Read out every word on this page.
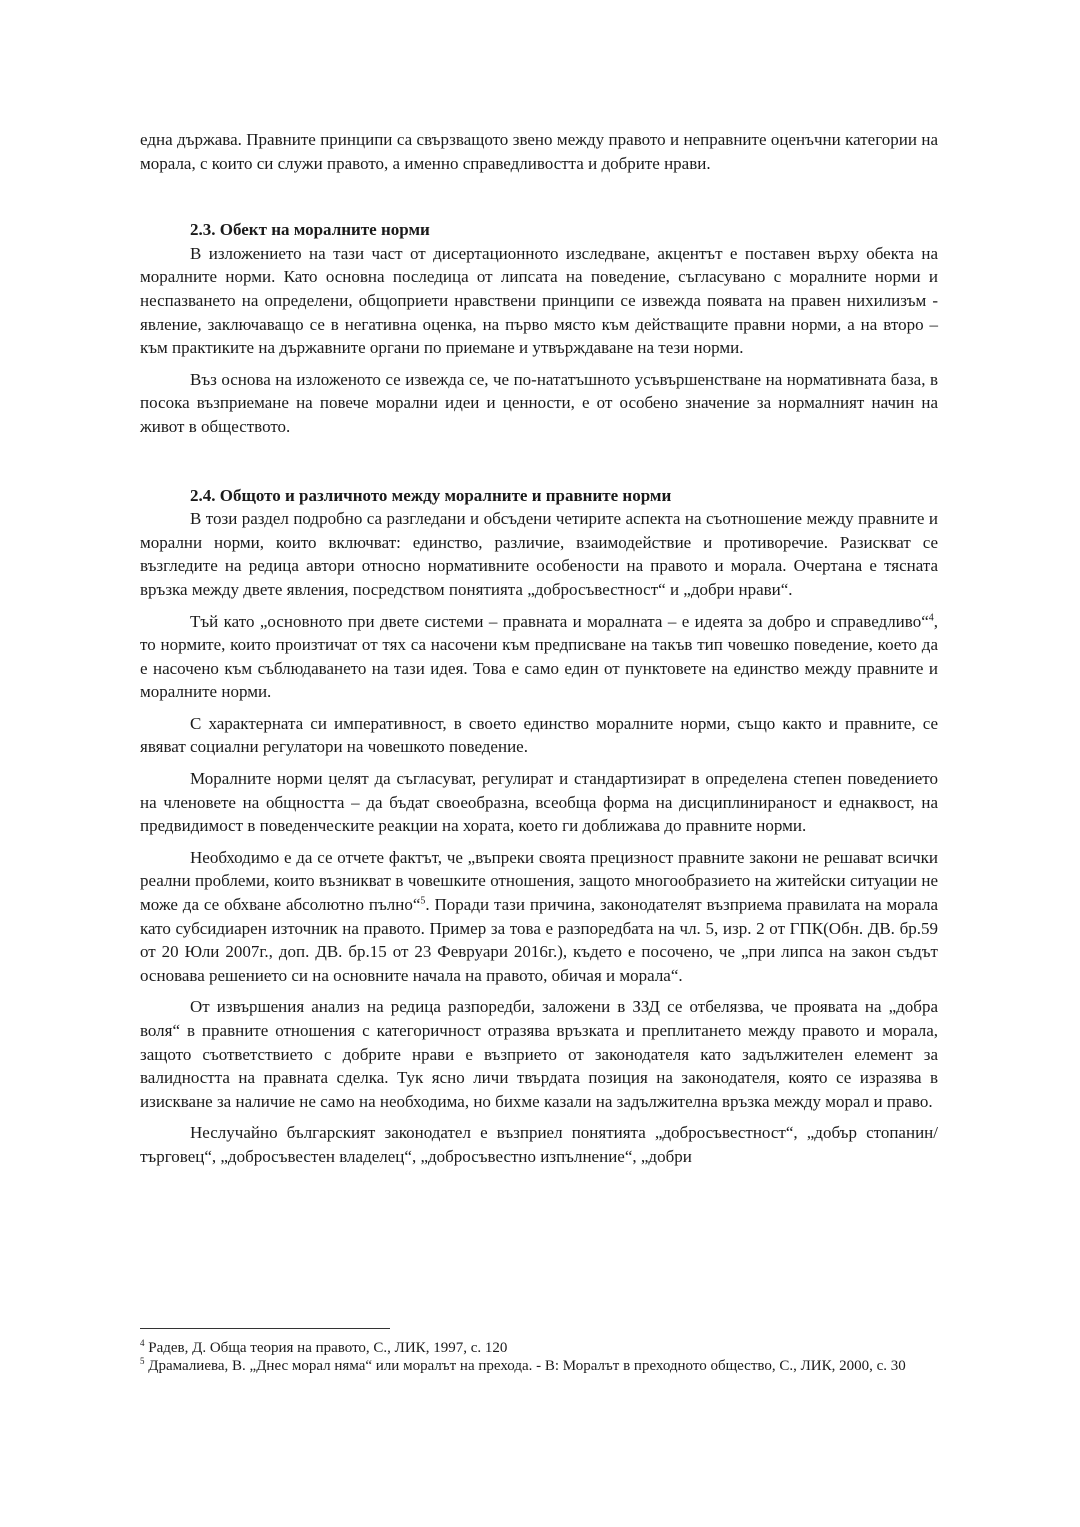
една държава. Правните принципи са свързващото звено между правото и неправните оценъчни категории на морала, с които си служи правото, а именно справедливостта и добрите нрави.

2.3. Обект на моралните норми

В изложението на тази част от дисертационното изследване, акцентът е поставен върху обекта на моралните норми. Като основна последица от липсата на поведение, съгласувано с моралните норми и неспазването на определени, общоприети нравствени принципи се извежда появата на правен нихилизъм - явление, заключаващо се в негативна оценка, на първо място към действащите правни норми, а на второ – към практиките на държавните органи по приемане и утвърждаване на тези норми.

Въз основа на изложеното се извежда се, че по-нататъшното усъвършенстване на нормативната база, в посока възприемане на повече морални идеи и ценности, е от особено значение за нормалният начин на живот в обществото.

2.4. Общото и различното между моралните и правните норми

В този раздел подробно са разгледани и обсъдени четирите аспекта на съотношение между правните и морални норми, които включват: единство, различие, взаимодействие и противоречие. Разискват се възгледите на редица автори относно нормативните особености на правото и морала. Очертана е тясната връзка между двете явления, посредством понятията „добросъвестност“ и „добри нрави“.

Тъй като „основното при двете системи – правната и моралната – е идеята за добро и справедливо“$^4$, то нормите, които произтичат от тях са насочени към предписване на такъв тип човешко поведение, което да е насочено към съблюдаването на тази идея. Това е само един от пунктовете на единство между правните и моралните норми.

С характерната си императивност, в своето единство моралните норми, също както и правните, се явяват социални регулатори на човешкото поведение.

Моралните норми целят да съгласуват, регулират и стандартизират в определена степен поведението на членовете на общността – да бъдат своеобразна, всеобща форма на дисциплинираност и еднаквост, на предвидимост в поведенческите реакции на хората, което ги доближава до правните норми.

Необходимо е да се отчете фактът, че „въпреки своята прецизност правните закони не решават всички реални проблеми, които възникват в човешките отношения, защото многообразието на житейски ситуации не може да се обхване абсолютно пълно“$^5$. Поради тази причина, законодателят възприема правилата на морала като субсидиарен източник на правото. Пример за това е разпоредбата на чл. 5, изр. 2 от ГПК(Обн. ДВ. бр.59 от 20 Юли 2007г., доп. ДВ. бр.15 от 23 Февруари 2016г.), където е посочено, че „при липса на закон съдът основава решението си на основните начала на правото, обичая и морала“.

От извършения анализ на редица разпоредби, заложени в ЗЗД се отбелязва, че проявата на „добра воля“ в правните отношения с категоричност отразява връзката и преплитането между правото и морала, защото съответствието с добрите нрави е възприето от законодателя като задължителен елемент за валидността на правната сделка. Тук ясно личи твърдата позиция на законодателя, която се изразява в изискване за наличие не само на необходима, но бихме казали на задължителна връзка между морал и право.

Неслучайно българският законодател е възприел понятията „добросъвестност“, „добър стопанин/търговец“, „добросъвестен владелец“, „добросъвестно изпълнение“, „добри

$^4$ Радев, Д. Обща теория на правото, С., ЛИК, 1997, с. 120

$^5$ Драмалиева, В. „Днес морал няма“ или моралът на прехода. - В: Моралът в преходното общество, С., ЛИК, 2000, с. 30
